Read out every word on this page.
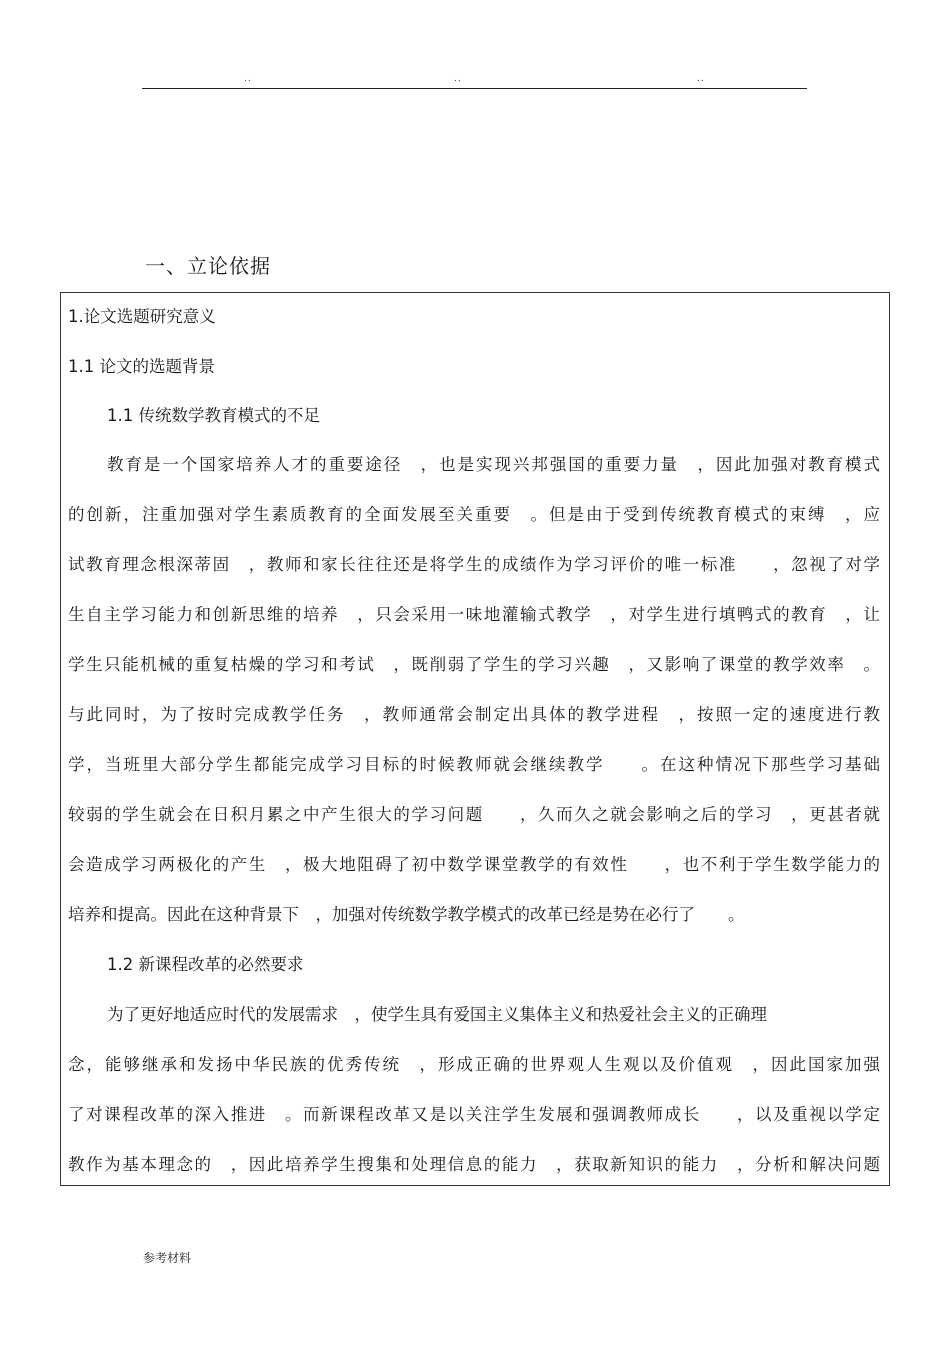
..	..	..
一、立论依据
1.论文选题研究意义
1.1 论文的选题背景
1.1 传统数学教育模式的不足
教育是一个国家培养人才的重要途径　，也是实现兴邦强国的重要力量　，因此加强对教育模式
的创新，注重加强对学生素质教育的全面发展至关重要　。但是由于受到传统教育模式的束缚　，应
试教育理念根深蒂固　，教师和家长往往还是将学生的成绩作为学习评价的唯一标准　　，忽视了对学
生自主学习能力和创新思维的培养　，只会采用一味地灌输式教学　，对学生进行填鸭式的教育　，让
学生只能机械的重复枯燥的学习和考试　，既削弱了学生的学习兴趣　，又影响了课堂的教学效率　。
与此同时，为了按时完成教学任务　，教师通常会制定出具体的教学进程　，按照一定的速度进行教
学，当班里大部分学生都能完成学习目标的时候教师就会继续教学　　。在这种情况下那些学习基础
较弱的学生就会在日积月累之中产生很大的学习问题　　，久而久之就会影响之后的学习　，更甚者就
会造成学习两极化的产生　，极大地阻碍了初中数学课堂教学的有效性　　，也不利于学生数学能力的
培养和提高。因此在这种背景下　，加强对传统数学教学模式的改革已经是势在必行了　　。
1.2 新课程改革的必然要求
为了更好地适应时代的发展需求　，使学生具有爱国主义集体主义和热爱社会主义的正确理
念，能够继承和发扬中华民族的优秀传统　，形成正确的世界观人生观以及价值观　，因此国家加强
了对课程改革的深入推进　。而新课程改革又是以关注学生发展和强调教师成长　　，以及重视以学定
教作为基本理念的　，因此培养学生搜集和处理信息的能力　，获取新知识的能力　，分析和解决问题
参考材料
